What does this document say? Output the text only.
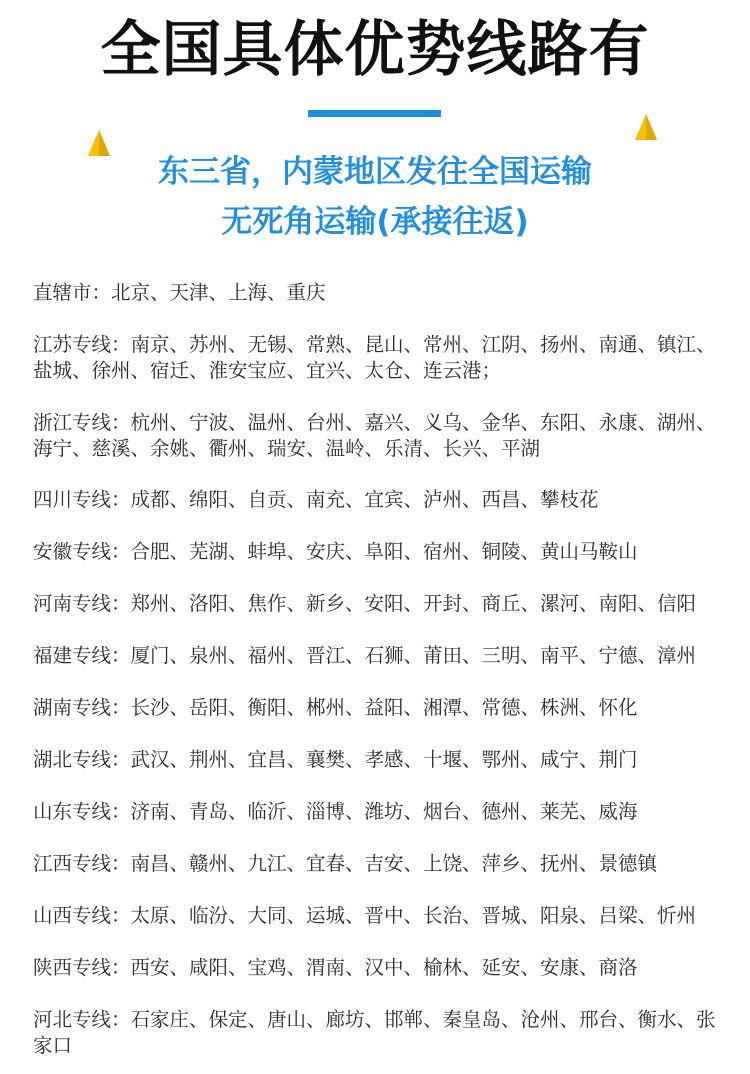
全国具体优势线路有
东三省，内蒙地区发往全国运输
无死角运输(承接往返)
直辖市：北京、天津、上海、重庆
江苏专线：南京、苏州、无锡、常熟、昆山、常州、江阴、扬州、南通、镇江、盐城、徐州、宿迁、淮安宝应、宜兴、太仓、连云港；
浙江专线：杭州、宁波、温州、台州、嘉兴、义乌、金华、东阳、永康、湖州、海宁、慈溪、余姚、衢州、瑞安、温岭、乐清、长兴、平湖
四川专线：成都、绵阳、自贡、南充、宜宾、泸州、西昌、攀枝花
安徽专线：合肥、芜湖、蚌埠、安庆、阜阳、宿州、铜陵、黄山马鞍山
河南专线：郑州、洛阳、焦作、新乡、安阳、开封、商丘、漯河、南阳、信阳
福建专线：厦门、泉州、福州、晋江、石狮、莆田、三明、南平、宁德、漳州
湖南专线：长沙、岳阳、衡阳、郴州、益阳、湘潭、常德、株洲、怀化
湖北专线：武汉、荆州、宜昌、襄樊、孝感、十堰、鄂州、咸宁、荆门
山东专线：济南、青岛、临沂、淄博、潍坊、烟台、德州、莱芜、威海
江西专线：南昌、赣州、九江、宜春、吉安、上饶、萍乡、抚州、景德镇
山西专线：太原、临汾、大同、运城、晋中、长治、晋城、阳泉、吕梁、忻州
陕西专线：西安、咸阳、宝鸡、渭南、汉中、榆林、延安、安康、商洛
河北专线：石家庄、保定、唐山、廊坊、邯郸、秦皇岛、沧州、邢台、衡水、张家口
